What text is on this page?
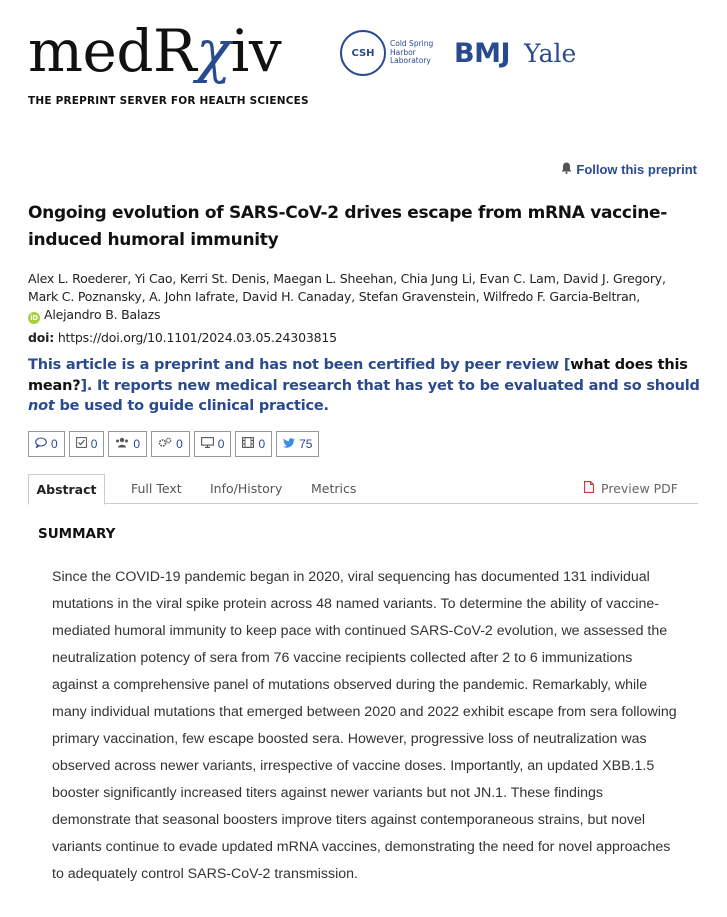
medRχiv
THE PREPRINT SERVER FOR HEALTH SCIENCES
CSH
Cold Spring Harbor Laboratory BMJ Yale
Follow this preprint
Ongoing evolution of SARS-CoV-2 drives escape from mRNA vaccine-induced humoral immunity
Alex L. Roederer, Yi Cao, Kerri St. Denis, Maegan L. Sheehan, Chia Jung Li, Evan C. Lam, David J. Gregory, Mark C. Poznansky, A. John Iafrate, David H. Canaday, Stefan Gravenstein, Wilfredo F. Garcia-Beltran,
iD Alejandro B. Balazs
doi: https://doi.org/10.1101/2024.03.05.24303815
This article is a preprint and has not been certified by peer review [what does this mean?]. It reports new medical research that has yet to be evaluated and so should not be used to guide clinical practice.
0	0	0	0	0	0	75
Abstract	Full Text Info/History Metrics	Preview PDF
SUMMARY

Since the COVID-19 pandemic began in 2020, viral sequencing has documented 131 individual mutations in the viral spike protein across 48 named variants. To determine the ability of vaccine-mediated humoral immunity to keep pace with continued SARS-CoV-2 evolution, we assessed the neutralization potency of sera from 76 vaccine recipients collected after 2 to 6 immunizations against a comprehensive panel of mutations observed during the pandemic. Remarkably, while many individual mutations that emerged between 2020 and 2022 exhibit escape from sera following primary vaccination, few escape boosted sera. However, progressive loss of neutralization was observed across newer variants, irrespective of vaccine doses. Importantly, an updated XBB.1.5 booster significantly increased titers against newer variants but not JN.1. These findings demonstrate that seasonal boosters improve titers against contemporaneous strains, but novel variants continue to evade updated mRNA vaccines, demonstrating the need for novel approaches to adequately control SARS-CoV-2 transmission.
